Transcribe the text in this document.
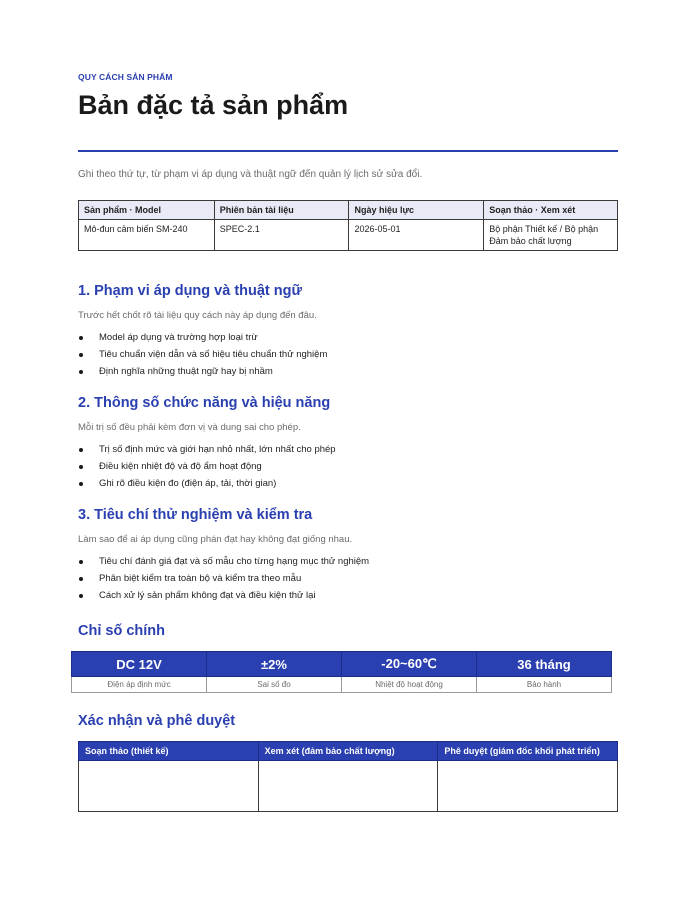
QUY CÁCH SẢN PHẨM
Bản đặc tả sản phẩm

Ghi theo thứ tự, từ phạm vi áp dụng và thuật ngữ đến quản lý lịch sử sửa đổi.

Sản phẩm · Model	Phiên bản tài liệu	Ngày hiệu lực	Soạn thảo · Xem xét
Mô-đun cảm biến SM-240	SPEC-2.1	2026-05-01	Bộ phận Thiết kế / Bộ phận Đảm bảo chất lượng
1. Phạm vi áp dụng và thuật ngữ

Trước hết chốt rõ tài liệu quy cách này áp dụng đến đâu.

Model áp dụng và trường hợp loại trừ
Tiêu chuẩn viện dẫn và số hiệu tiêu chuẩn thử nghiệm
Định nghĩa những thuật ngữ hay bị nhầm
2. Thông số chức năng và hiệu năng

Mỗi trị số đều phải kèm đơn vị và dung sai cho phép.

Trị số định mức và giới hạn nhỏ nhất, lớn nhất cho phép
Điều kiện nhiệt độ và độ ẩm hoạt động
Ghi rõ điều kiện đo (điện áp, tải, thời gian)
3. Tiêu chí thử nghiệm và kiểm tra

Làm sao để ai áp dụng cũng phán đạt hay không đạt giống nhau.

Tiêu chí đánh giá đạt và số mẫu cho từng hạng mục thử nghiệm
Phân biệt kiểm tra toàn bộ và kiểm tra theo mẫu
Cách xử lý sản phẩm không đạt và điều kiện thử lại
Chỉ số chính
DC 12V	±2%	-20~60℃	36 tháng
Điện áp định mức	Sai số đo	Nhiệt độ hoạt động	Bảo hành
Xác nhận và phê duyệt
Soạn thảo (thiết kế)	Xem xét (đảm bảo chất lượng)	Phê duyệt (giám đốc khối phát triển)
